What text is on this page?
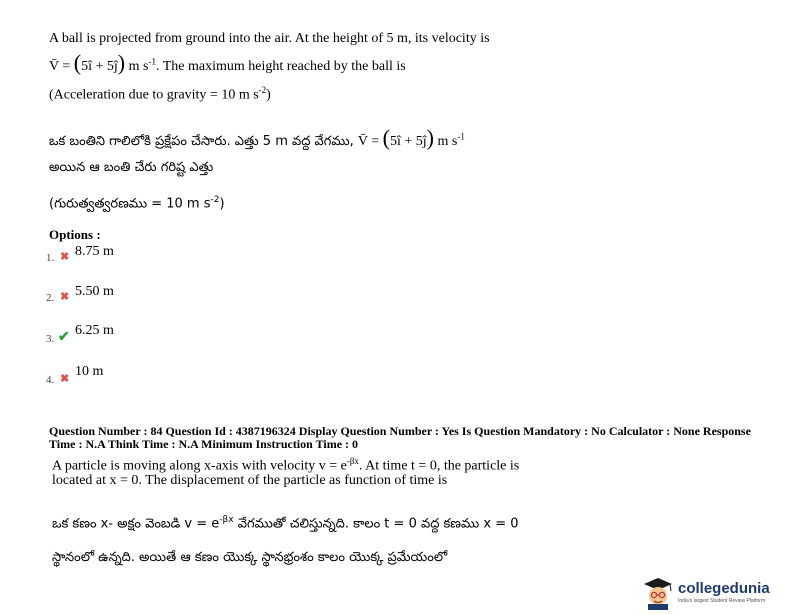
A ball is projected from ground into the air. At the height of 5 m, its velocity is
V̄ = (5î + 5ĵ) m $s^{-1}$. The maximum height reached by the ball is
(Acceleration due to gravity = 10 m $s^{-2}$)
ఒక బంతిని గాలిలోకి ప్రక్షేపం చేసారు. ఎత్తు 5 m వద్ద వేగము, V̄ = (5î + 5ĵ) m $s^{-1}$
అయిన ఆ బంతి చేరు గరిష్ట ఎత్తు
(గురుత్వత్వరణము = 10 m $s^{-2}$)
Options :
1. ✖ 8.75 m
2. ✖ 5.50 m
3. ✔ 6.25 m
4. ✖ 10 m
Question Number : 84 Question Id : 4387196324 Display Question Number : Yes Is Question Mandatory : No Calculator : None Response Time : N.A Think Time : N.A Minimum Instruction Time : 0
A particle is moving along x-axis with velocity $v = e^{-\beta x}$. At time t = 0, the particle is
located at x = 0. The displacement of the particle as function of time is
ఒక కణం x- అక్షం వెంబడి $v = e^{-\beta x}$ వేగముతో చలిస్తున్నది. కాలం t = 0 వద్ద కణము x = 0
స్థానంలో ఉన్నది. అయితే ఆ కణం యొక్క స్థానభ్రంశం కాలం యొక్క ప్రమేయంలో
collegedunia
India's largest Student Review Platform
